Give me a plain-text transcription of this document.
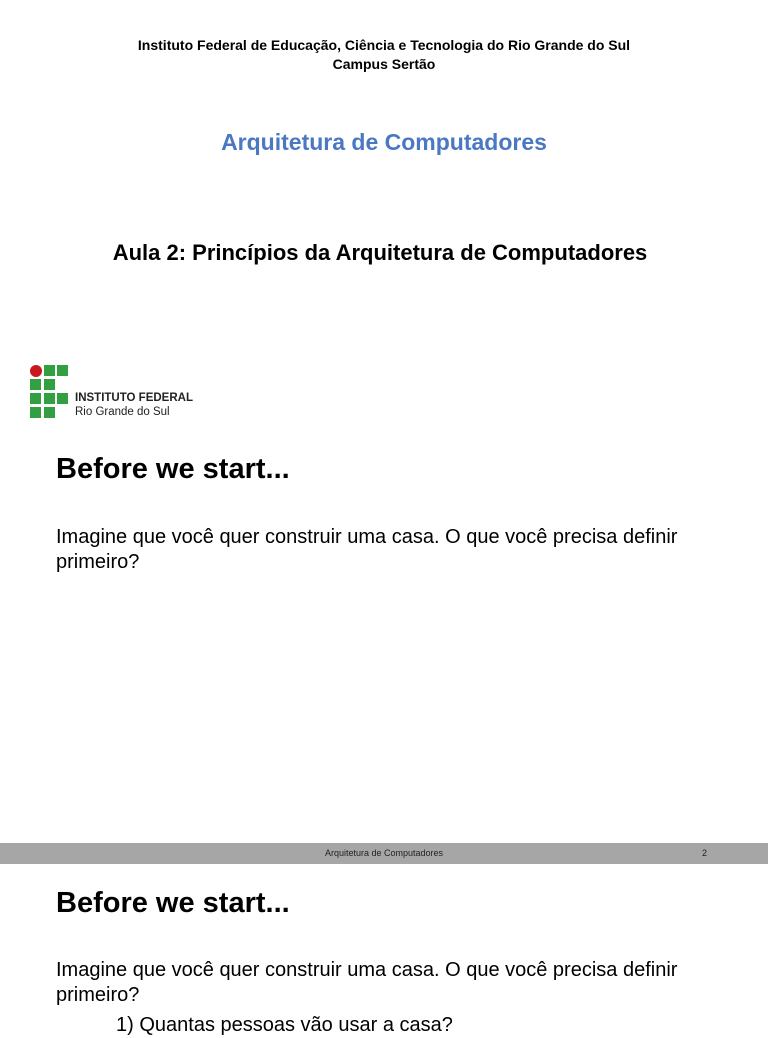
Instituto Federal de Educação, Ciência e Tecnologia do Rio Grande do Sul
Campus Sertão
Arquitetura de Computadores
Aula 2: Princípios da Arquitetura de Computadores
INSTITUTO FEDERAL
Rio Grande do Sul
Before we start...
Imagine que você quer construir uma casa. O que você precisa definir primeiro?
Arquitetura de Computadores	2
Before we start...
Imagine que você quer construir uma casa. O que você precisa definir primeiro?
1) Quantas pessoas vão usar a casa?
